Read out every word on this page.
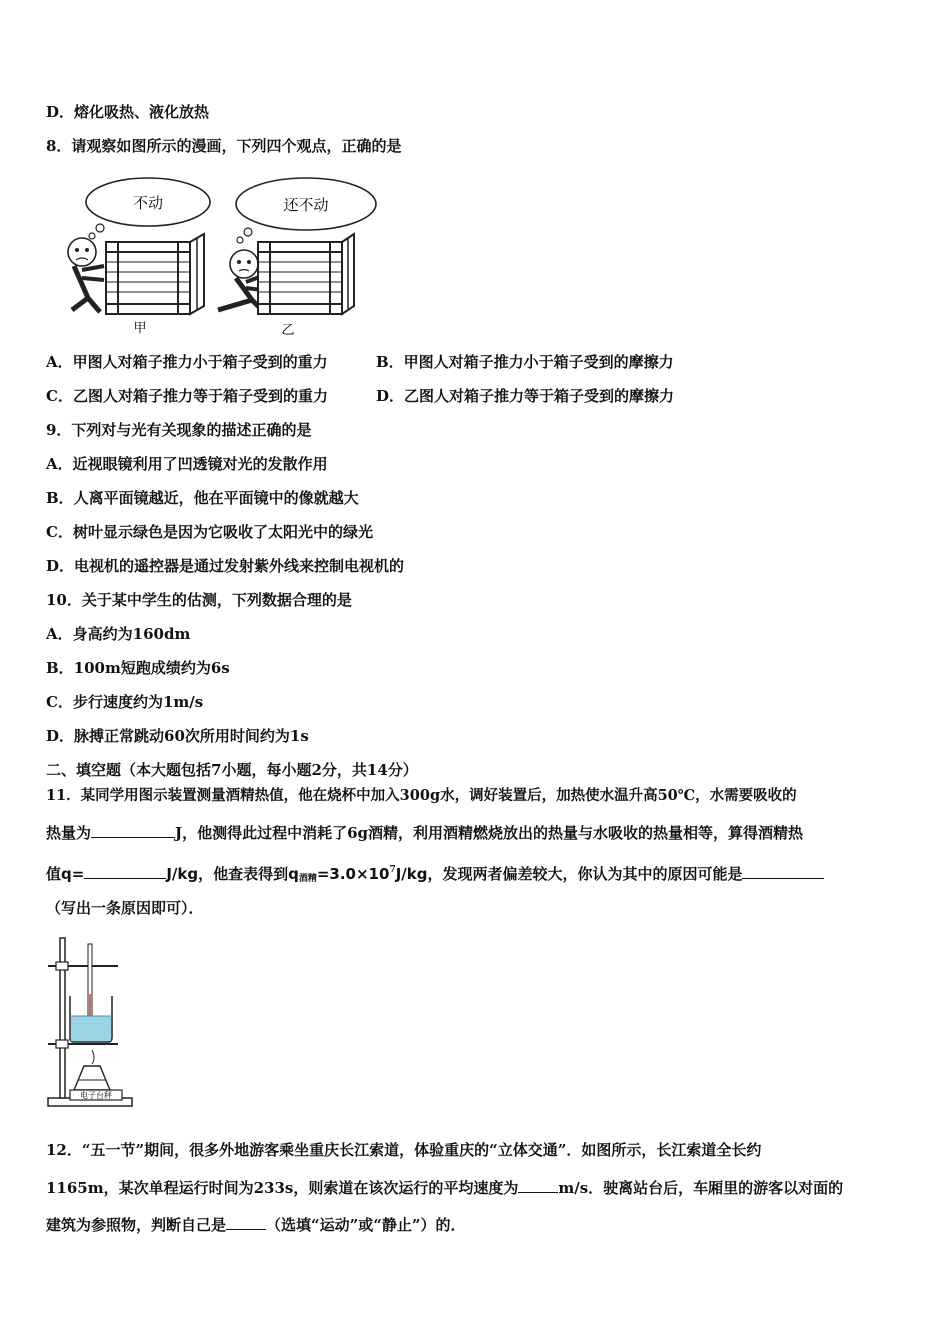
D．熔化吸热、液化放热
8．请观察如图所示的漫画，下列四个观点，正确的是
不动	还不动
甲	乙
A．甲图人对箱子推力小于箱子受到的重力	B．甲图人对箱子推力小于箱子受到的摩擦力
C．乙图人对箱子推力等于箱子受到的重力	D．乙图人对箱子推力等于箱子受到的摩擦力
9．下列对与光有关现象的描述正确的是
A．近视眼镜利用了凹透镜对光的发散作用
B．人离平面镜越近，他在平面镜中的像就越大
C．树叶显示绿色是因为它吸收了太阳光中的绿光
D．电视机的遥控器是通过发射紫外线来控制电视机的
10．关于某中学生的估测，下列数据合理的是
A．身高约为160dm
B．100m短跑成绩约为6s
C．步行速度约为1m/s
D．脉搏正常跳动60次所用时间约为1s
二、填空题（本大题包括7小题，每小题2分，共14分）
11．某同学用图示装置测量酒精热值，他在烧杯中加入300g水，调好装置后，加热使水温升高50℃，水需要吸收的
热量为	J，他测得此过程中消耗了6g酒精，利用酒精燃烧放出的热量与水吸收的热量相等，算得酒精热
值q=	J/kg，他查表得到$q_{酒精}=3.0\times 10^7J/kg$，发现两者偏差较大，你认为其中的原因可能是
（写出一条原因即可）．
电子台秤
12．“五一节”期间，很多外地游客乘坐重庆长江索道，体验重庆的“立体交通”．如图所示，长江索道全长约
1165m，某次单程运行时间为233s，则索道在该次运行的平均速度为	m/s．驶离站台后，车厢里的游客以对面的
建筑为参照物，判断自己是	（选填“运动”或“静止”）的．
